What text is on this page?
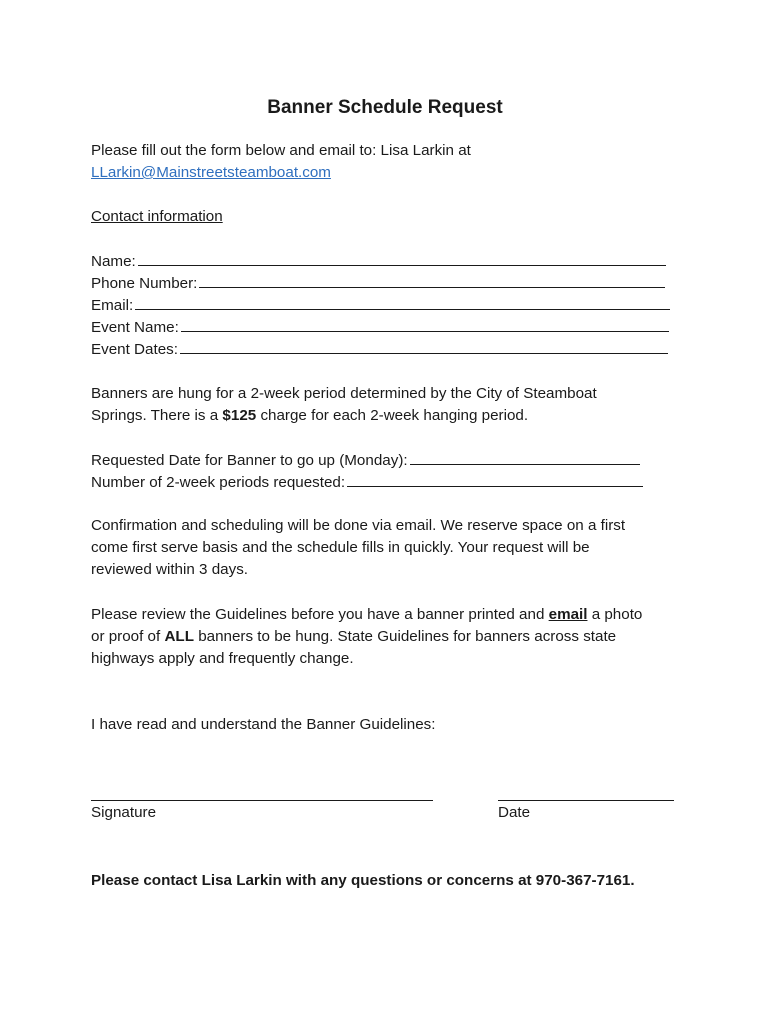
Banner Schedule Request
Please fill out the form below and email to: Lisa Larkin at
LLarkin@Mainstreetsteamboat.com
Contact information
Name:
Phone Number:
Email:
Event Name:
Event Dates:
Banners are hung for a 2-week period determined by the City of Steamboat
Springs. There is a $125 charge for each 2-week hanging period.
Requested Date for Banner to go up (Monday):
Number of 2-week periods requested:
Confirmation and scheduling will be done via email. We reserve space on a first
come first serve basis and the schedule fills in quickly. Your request will be
reviewed within 3 days.
Please review the Guidelines before you have a banner printed and email a photo
or proof of ALL banners to be hung. State Guidelines for banners across state
highways apply and frequently change.
I have read and understand the Banner Guidelines:
Signature	Date
Please contact Lisa Larkin with any questions or concerns at 970-367-7161.
